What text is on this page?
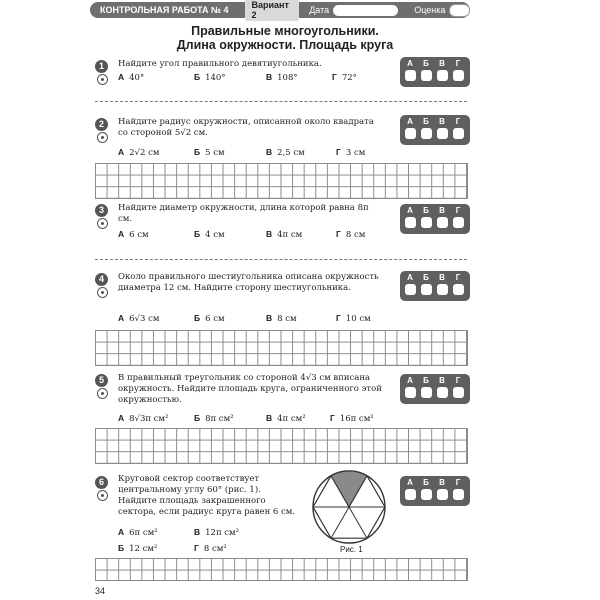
КОНТРОЛЬНАЯ РАБОТА № 4	Вариант 2	Дата	Оценка
Правильные многоугольники.
Длина окружности. Площадь круга
1	Найдите угол правильного девятиугольника.
А 40°	Б 140°	В 108°	Г 72°
А	Б	В	Г
2	Найдите радиус окружности, описанной около квадрата со стороной 5√2 см.
А 2√2 см	Б 5 см	В 2,5 см	Г 3 см
А	Б	В	Г
3	Найдите диаметр окружности, длина которой равна 8π см.
А 6 см	Б 4 см	В 4π см	Г 8 см
А	Б	В	Г
4	Около правильного шестиугольника описана окружность диаметра 12 см. Найдите сторону шестиугольника.
А 6√3 см	Б 6 см	В 8 см	Г 10 см
А	Б	В	Г
5	В правильный треугольник со стороной 4√3 см вписана окружность. Найдите площадь круга, ограниченного этой окружностью.
А 8√3π см²	Б 8π см²	В 4π см²	Г 16π см²
А	Б	В	Г
6	Круговой сектор соответствует центральному углу 60° (рис. 1). Найдите площадь закрашенного сектора, если радиус круга равен 6 см.
А 6π см²	В 12π см²
Б 12 см²	Г 8 см²	Рис. 1
А	Б	В	Г
34
